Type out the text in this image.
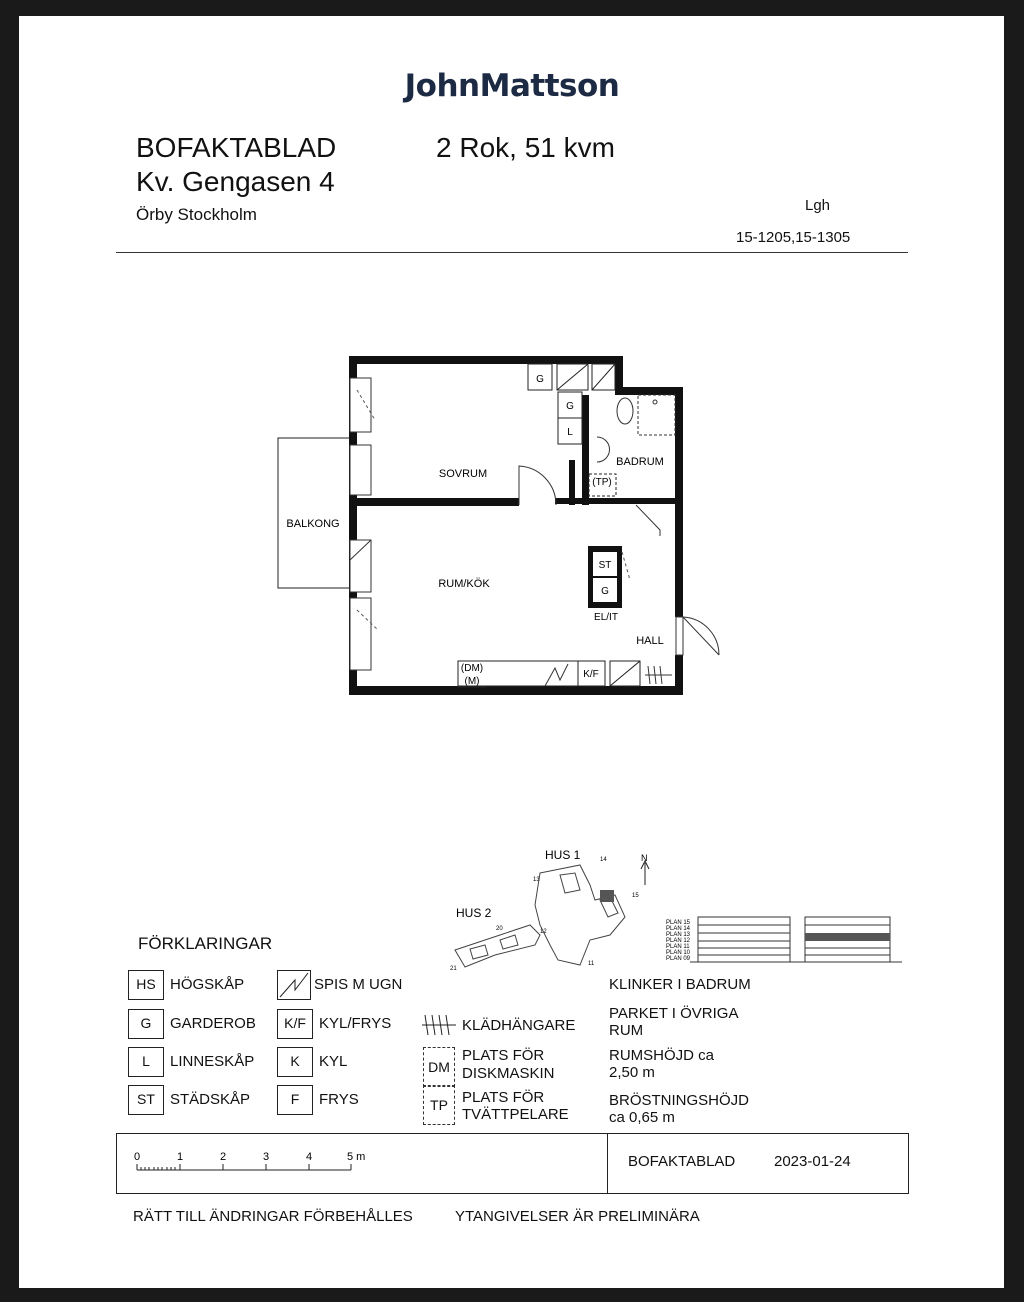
JohnMattson
BOFAKTABLAD
Kv. Gengasen 4
Örby Stockholm
2 Rok, 51 kvm
Lgh
15-1205,15-1305
SOVRUM
BADRUM
BALKONG
RUM/KÖK
HALL
EL/IT
G
G
L
(TP)
ST
G
(DM)
(M)
K/F
N
HUS 1
HUS 2
13
14
15
12
11
20
21
PLAN 15
PLAN 14
PLAN 13
PLAN 12
PLAN 11
PLAN 10
PLAN 09
FÖRKLARINGAR
HS HÖGSKÅP
G	GARDEROB
L	LINNESKÅP
ST	STÄDSKÅP
SPIS M UGN
K/F KYL/FRYS
K	KYL
F	FRYS
KLÄDHÄNGARE
DM
PLATS FÖR
DISKMASKIN
TP PLATS FÖR
TVÄTTPELARE
KLINKER I BADRUM
PARKET I ÖVRIGA
RUM
RUMSHÖJD ca
2,50 m
BRÖSTNINGSHÖJD
ca 0,65 m
0	1	2	3	4	5 m	BOFAKTABLAD	2023-01-24
RÄTT TILL ÄNDRINGAR FÖRBEHÅLLES	YTANGIVELSER ÄR PRELIMINÄRA
